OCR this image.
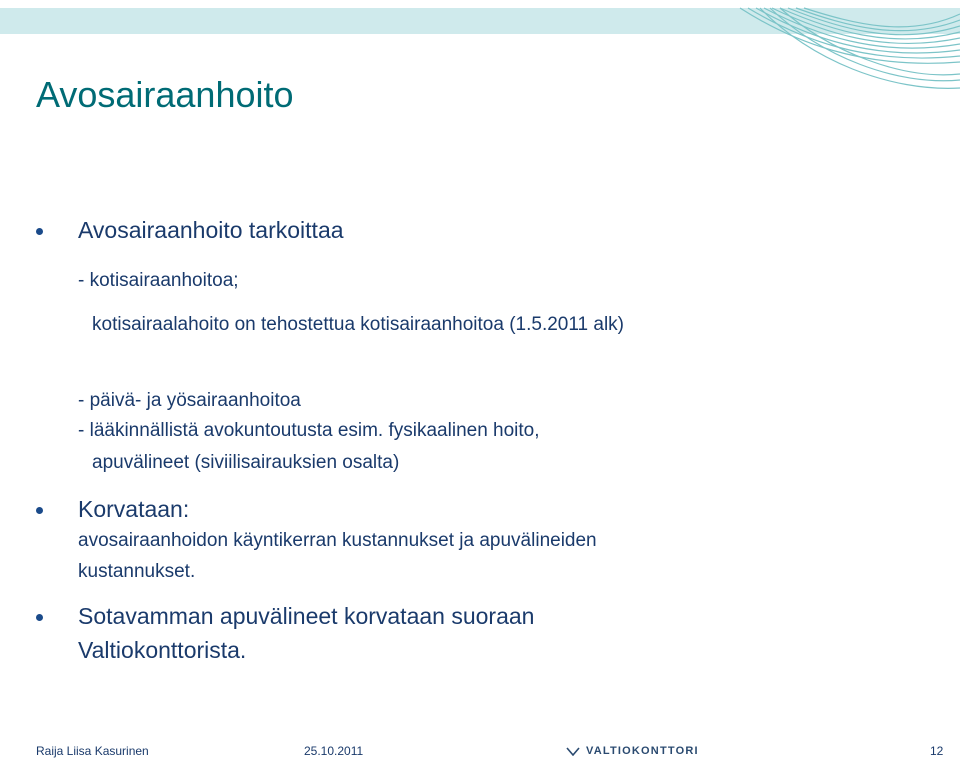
Avosairaanhoito
Avosairaanhoito tarkoittaa
- kotisairaanhoitoa;
kotisairaalahoito on tehostettua kotisairaanhoitoa (1.5.2011 alk)
- päivä- ja yösairaanhoitoa
- lääkinnällistä avokuntoutusta esim. fysikaalinen hoito,
apuvälineet (siviilisairauksien osalta)
Korvataan:
avosairaanhoidon käyntikerran kustannukset ja apuvälineiden
kustannukset.
Sotavamman apuvälineet korvataan suoraan
Valtiokonttorista.
Raija Liisa Kasurinen	25.10.2011	VALTIOKONTTORI	12
